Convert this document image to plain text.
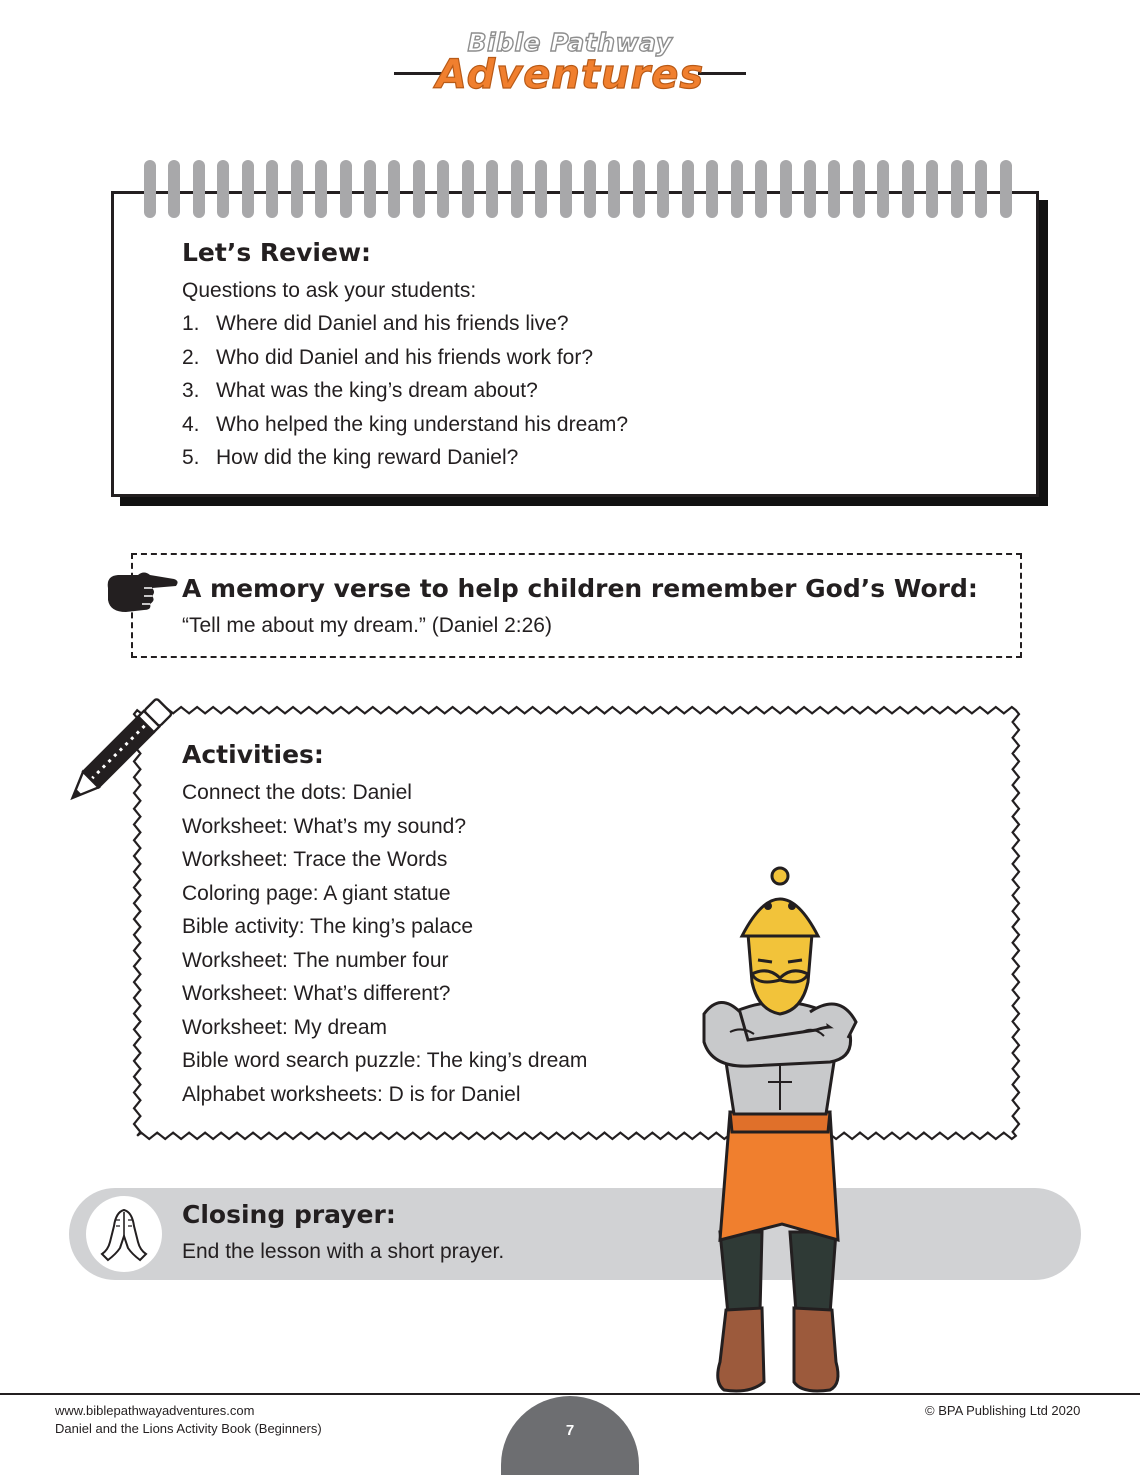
Bible Pathway
Adventures
Let’s Review:
Questions to ask your students:
1. Where did Daniel and his friends live?
2. Who did Daniel and his friends work for?
3. What was the king’s dream about?
4. Who helped the king understand his dream?
5. How did the king reward Daniel?
A memory verse to help children remember God’s Word:
“Tell me about my dream.” (Daniel 2:26)
Activities:
Connect the dots: Daniel
Worksheet: What’s my sound?
Worksheet: Trace the Words
Coloring page: A giant statue
Bible activity: The king’s palace
Worksheet: The number four
Worksheet: What’s different?
Worksheet: My dream
Bible word search puzzle: The king’s dream
Alphabet worksheets: D is for Daniel
Closing prayer:
End the lesson with a short prayer.
www.biblepathwayadventures.com
Daniel and the Lions Activity Book (Beginners)
© BPA Publishing Ltd 2020
7
